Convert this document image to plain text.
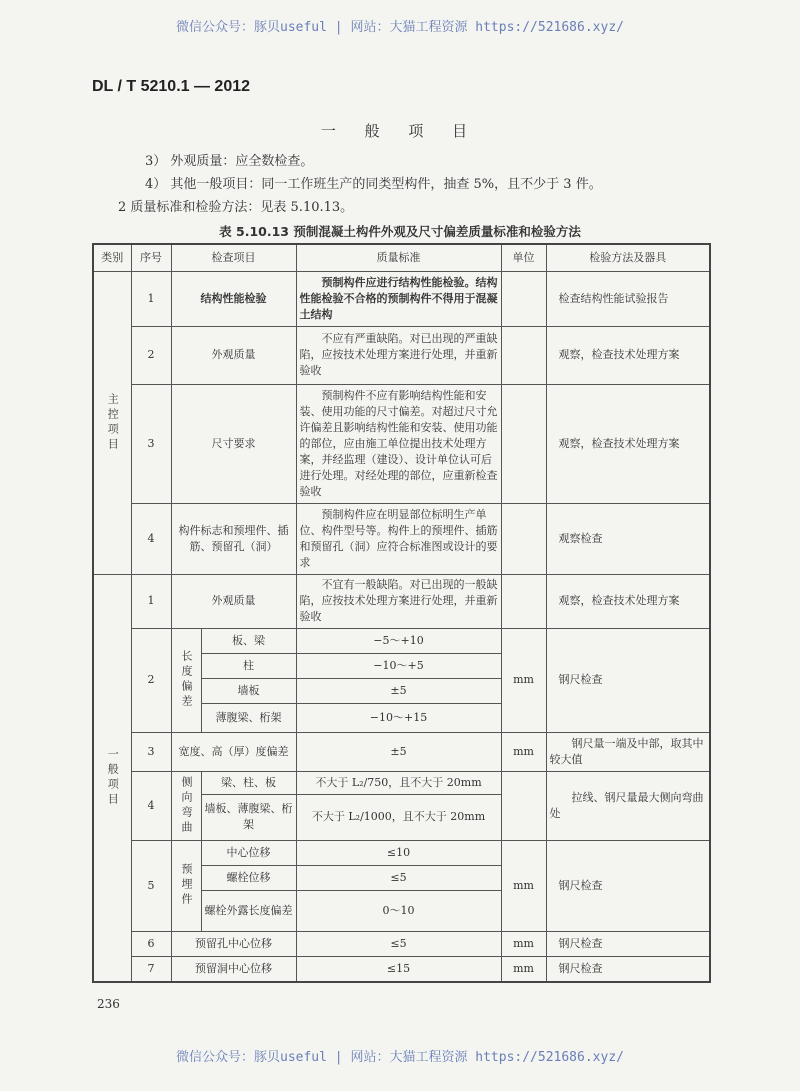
微信公众号：豚贝useful | 网站：大猫工程资源 https://521686.xyz/
DL / T 5210.1 — 2012
一 般 项 目
3） 外观质量：应全数检查。
4） 其他一般项目：同一工作班生产的同类型构件，抽查 5%，且不少于 3 件。
2 质量标准和检验方法：见表 5.10.13。
表 5.10.13 预制混凝土构件外观及尺寸偏差质量标准和检验方法
类别	序号	检查项目		质量标准	单位	检验方法及器具
主控项目	1	结构性能检验		预制构件应进行结构性能检验。结构性能检验不合格的预制构件不得用于混凝土结构		检查结构性能试验报告
	2	外观质量		不应有严重缺陷。对已出现的严重缺陷，应按技术处理方案进行处理，并重新验收		观察，检查技术处理方案
	3	尺寸要求		预制构件不应有影响结构性能和安装、使用功能的尺寸偏差。对超过尺寸允许偏差且影响结构性能和安装、使用功能的部位，应由施工单位提出技术处理方案，并经监理（建设）、设计单位认可后进行处理。对经处理的部位，应重新检查验收		观察，检查技术处理方案
	4	构件标志和预埋件、插筋、预留孔（洞）		预制构件应在明显部位标明生产单位、构件型号等。构件上的预埋件、插筋和预留孔（洞）应符合标准图或设计的要求		观察检查
一般项目	1	外观质量		不宜有一般缺陷。对已出现的一般缺陷，应按技术处理方案进行处理，并重新验收		观察，检查技术处理方案
	2	长度偏差	板、梁	−5～+10	mm	钢尺检查
			柱	−10～+5		
			墙板	±5		
			薄腹梁、桁架	−10～+15		
	3	宽度、高（厚）度偏差		±5	mm	钢尺量一端及中部，取其中较大值
	4	侧向弯曲	梁、柱、板	不大于 L₂/750，且不大于 20mm		拉线、钢尺量最大侧向弯曲处
			墙板、薄腹梁、桁架	不大于 L₂/1000，且不大于 20mm		
	5	预埋件	中心位移	≤10	mm	钢尺检查
			螺栓位移	≤5		
			螺栓外露长度偏差	0～10		
	6	预留孔中心位移		≤5	mm	钢尺检查
	7	预留洞中心位移		≤15	mm	钢尺检查
236
微信公众号：豚贝useful | 网站：大猫工程资源 https://521686.xyz/
